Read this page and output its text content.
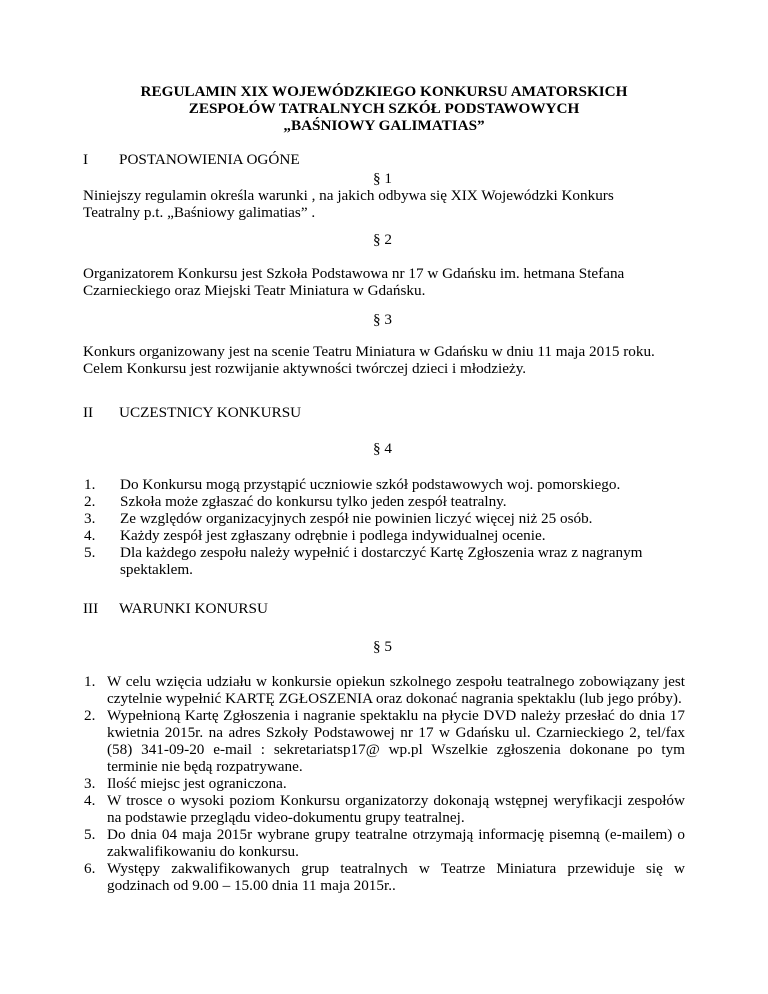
REGULAMIN XIX WOJEWÓDZKIEGO KONKURSU AMATORSKICH
ZESPOŁÓW TATRALNYCH SZKÓŁ PODSTAWOWYCH
„BAŚNIOWY GALIMATIAS”
I POSTANOWIENIA OGÓNE
§ 1
Niniejszy regulamin określa warunki , na jakich odbywa się XIX Wojewódzki Konkurs
Teatralny p.t. „Baśniowy galimatias” .
§ 2
Organizatorem Konkursu jest Szkoła Podstawowa nr 17 w Gdańsku im. hetmana Stefana
Czarnieckiego oraz Miejski Teatr Miniatura w Gdańsku.
§ 3
Konkurs organizowany jest na scenie Teatru Miniatura w Gdańsku w dniu 11 maja 2015 roku.
Celem Konkursu jest rozwijanie aktywności twórczej dzieci i młodzieży.
II UCZESTNICY KONKURSU
§ 4
1. Do Konkursu mogą przystąpić uczniowie szkół podstawowych woj. pomorskiego.
2. Szkoła może zgłaszać do konkursu tylko jeden zespół teatralny.
3. Ze względów organizacyjnych zespół nie powinien liczyć więcej niż 25 osób.
4. Każdy zespół jest zgłaszany odrębnie i podlega indywidualnej ocenie.
5. Dla każdego zespołu należy wypełnić i dostarczyć Kartę Zgłoszenia wraz z nagranym spektaklem.
III WARUNKI KONURSU
§ 5
1. W celu wzięcia udziału w konkursie opiekun szkolnego zespołu teatralnego zobowiązany jest czytelnie wypełnić KARTĘ ZGŁOSZENIA oraz dokonać nagrania spektaklu (lub jego próby).
2. Wypełnioną Kartę Zgłoszenia i nagranie spektaklu na płycie DVD należy przesłać do dnia 17 kwietnia 2015r. na adres Szkoły Podstawowej nr 17 w Gdańsku ul. Czarnieckiego 2, tel/fax (58) 341-09-20 e-mail : sekretariatsp17@ wp.pl Wszelkie zgłoszenia dokonane po tym terminie nie będą rozpatrywane.
3. Ilość miejsc jest ograniczona.
4. W trosce o wysoki poziom Konkursu organizatorzy dokonają wstępnej weryfikacji zespołów na podstawie przeglądu video-dokumentu grupy teatralnej.
5. Do dnia 04 maja 2015r wybrane grupy teatralne otrzymają informację pisemną (e-mailem) o zakwalifikowaniu do konkursu.
6. Występy zakwalifikowanych grup teatralnych w Teatrze Miniatura przewiduje się w godzinach od 9.00 – 15.00 dnia 11 maja 2015r..
